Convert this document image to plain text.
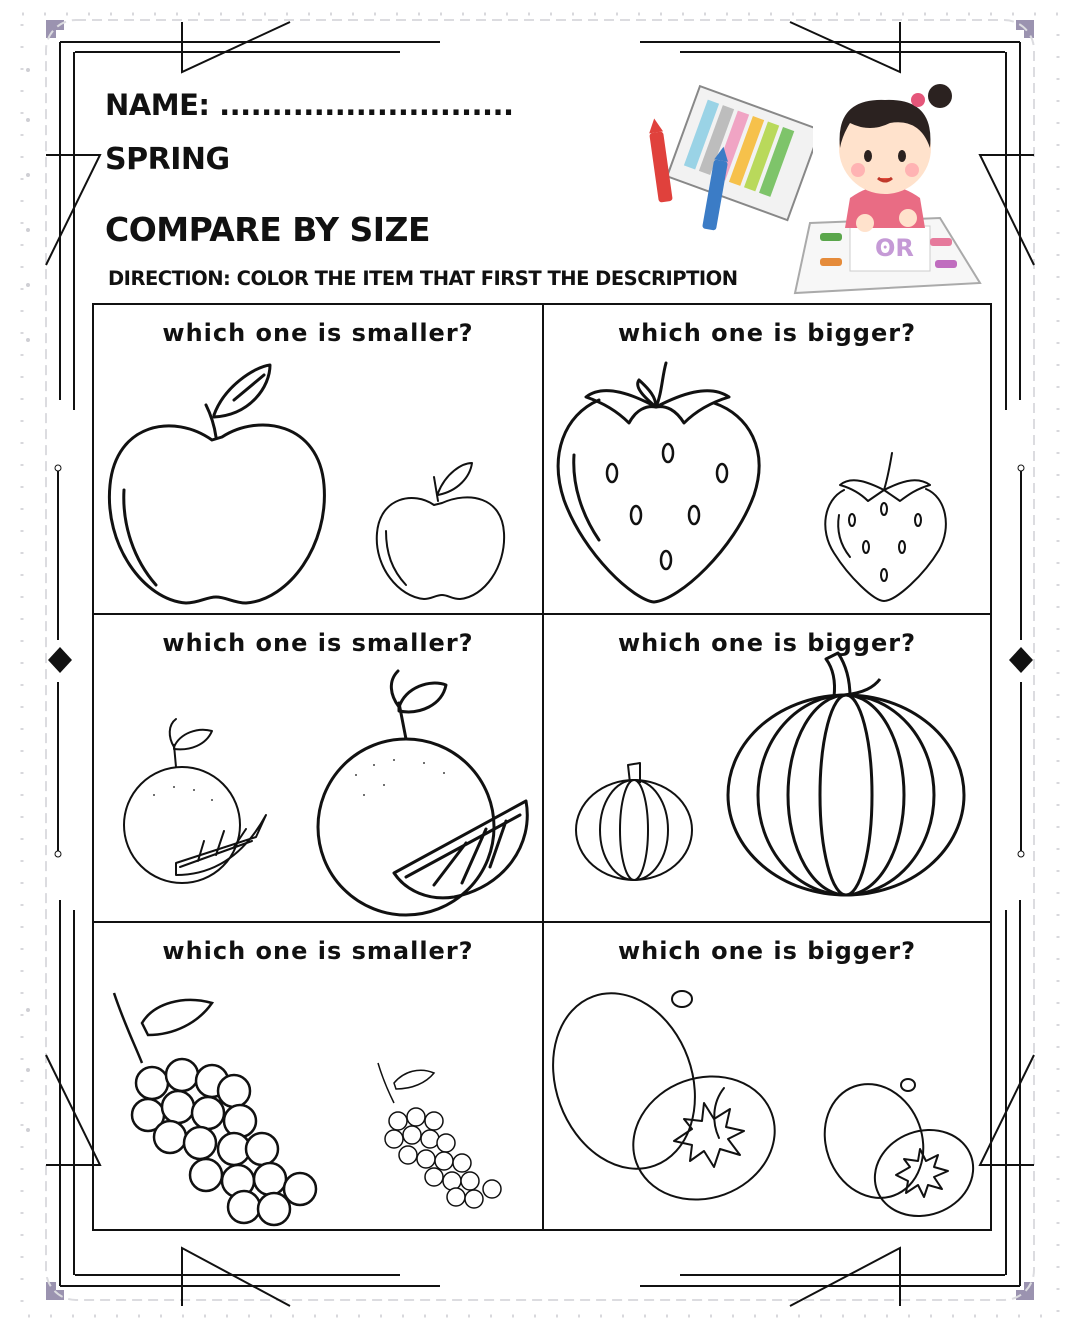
NAME: ............................
SPRING
COMPARE BY SIZE
DIRECTION: COLOR THE ITEM THAT FIRST THE DESCRIPTION
ʘR
which one is smaller?	which one is bigger?
which one is smaller?	which one is bigger?
which one is smaller?	which one is bigger?
